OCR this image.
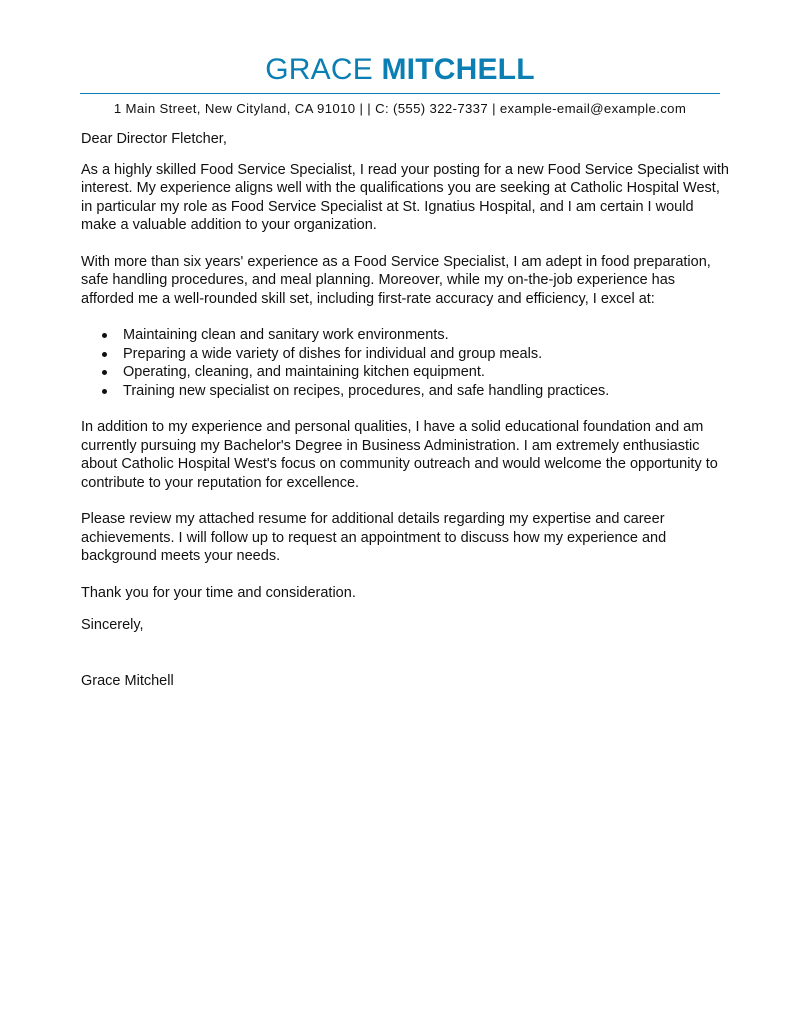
GRACE MITCHELL
1 Main Street, New Cityland, CA 91010 | | C: (555) 322-7337 | example-email@example.com

Dear Director Fletcher,

As a highly skilled Food Service Specialist, I read your posting for a new Food Service Specialist with interest. My experience aligns well with the qualifications you are seeking at Catholic Hospital West, in particular my role as Food Service Specialist at St. Ignatius Hospital, and I am certain I would make a valuable addition to your organization.

With more than six years' experience as a Food Service Specialist, I am adept in food preparation, safe handling procedures, and meal planning. Moreover, while my on-the-job experience has afforded me a well-rounded skill set, including first-rate accuracy and efficiency, I excel at:

Maintaining clean and sanitary work environments.
Preparing a wide variety of dishes for individual and group meals.
Operating, cleaning, and maintaining kitchen equipment.
Training new specialist on recipes, procedures, and safe handling practices.

In addition to my experience and personal qualities, I have a solid educational foundation and am currently pursuing my Bachelor's Degree in Business Administration. I am extremely enthusiastic about Catholic Hospital West's focus on community outreach and would welcome the opportunity to contribute to your reputation for excellence.

Please review my attached resume for additional details regarding my expertise and career achievements. I will follow up to request an appointment to discuss how my experience and background meets your needs.

Thank you for your time and consideration.

Sincerely,

Grace Mitchell
